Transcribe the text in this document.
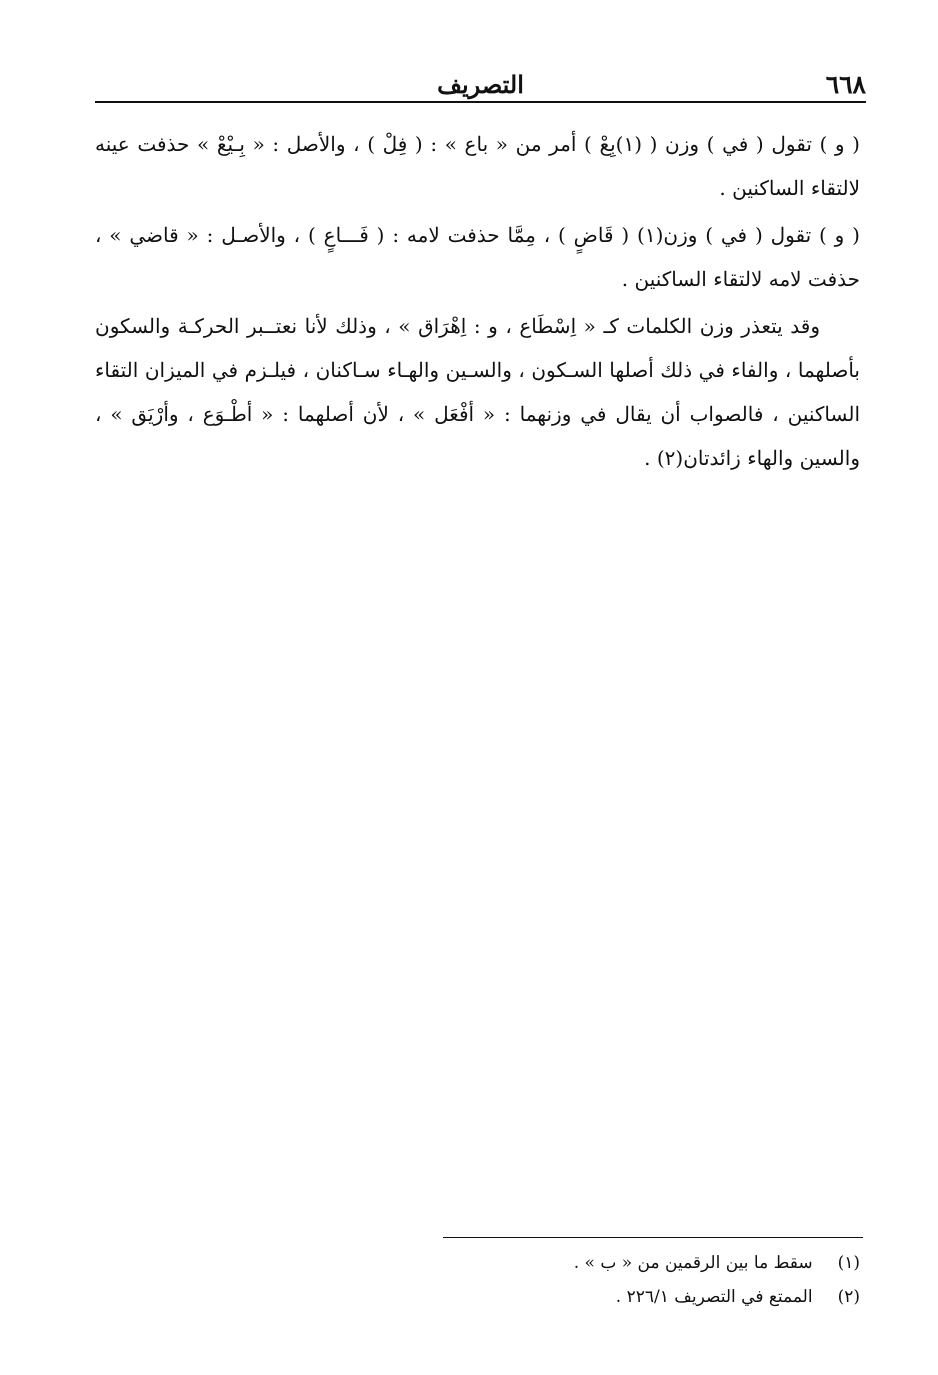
٦٦٨
التصريف

( و ) تقول ( في ) وزن ( (١)بِعْ ) أمر من « باع » : ( فِلْ ) ، والأصل : « بِـيْعْ » حذفت عينه لالتقاء الساكنين .

( و ) تقول ( في ) وزن(١) ( قَاضٍ ) ، مِمَّا حذفت لامه : ( فَـــاعٍ ) ، والأصـل : « قاضي » ، حذفت لامه لالتقاء الساكنين .

وقد يتعذر وزن الكلمات كـ « اِسْطَاع ، و : اِهْرَاق » ، وذلك لأنا نعتــبر الحركـة والسكون بأصلهما ، والفاء في ذلك أصلها السـكون ، والسـين والهـاء سـاكنان ، فيلـزم في الميزان التقاء الساكنين ، فالصواب أن يقال في وزنهما : « أفْعَل » ، لأن أصلهما : « أطْـوَع ، وأرْيَق » ، والسين والهاء زائدتان(٢) .

(١) سقط ما بين الرقمين من « ب » .
(٢) الممتع في التصريف ٢٢٦/١ .
